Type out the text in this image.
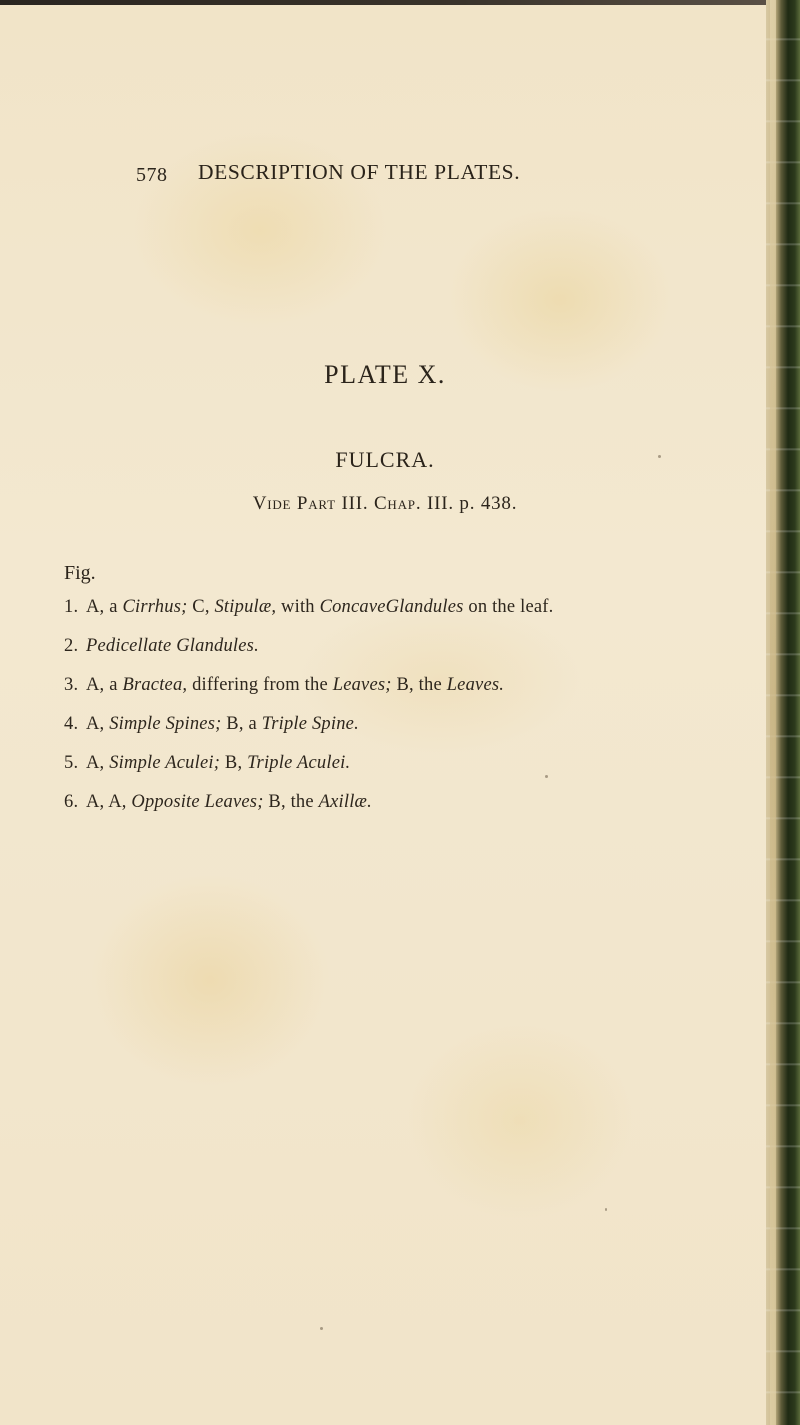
578 DESCRIPTION OF THE PLATES.
PLATE X.
FULCRA.
Vide Part III. Chap. III. p. 438.
Fig.
1. A, a Cirrhus; C, Stipulæ, with ConcaveGlandules on the leaf.
2. Pedicellate Glandules.
3. A, a Bractea, differing from the Leaves; B, the Leaves.
4. A, Simple Spines; B, a Triple Spine.
5. A, Simple Aculei; B, Triple Aculei.
6. A, A, Opposite Leaves; B, the Axillæ.
